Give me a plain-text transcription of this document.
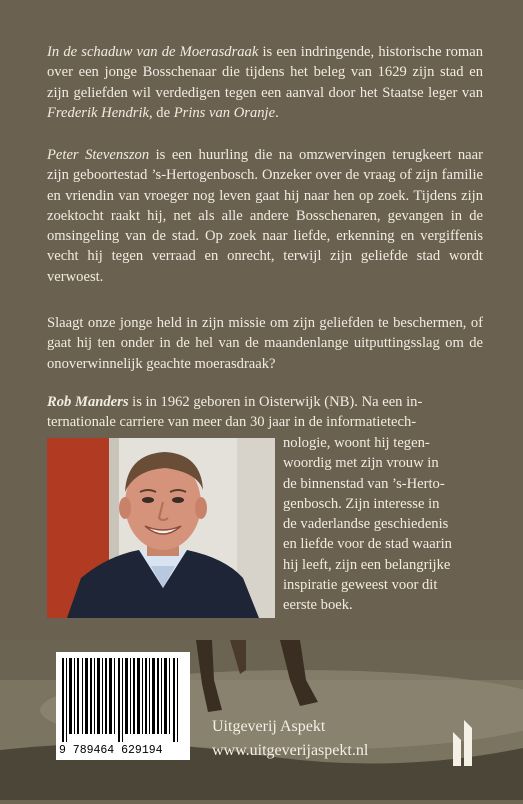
In de schaduw van de Moerasdraak is een indringende, historische roman over een jonge Bosschenaar die tijdens het beleg van 1629 zijn stad en zijn geliefden wil verdedigen tegen een aanval door het Staatse leger van Frederik Hendrik, de Prins van Oranje.

Peter Stevenszon is een huurling die na omzwervingen terugkeert naar zijn geboortestad ’s-Hertogenbosch. Onzeker over de vraag of zijn familie en vriendin van vroeger nog leven gaat hij naar hen op zoek. Tijdens zijn zoektocht raakt hij, net als alle andere Bosschenaren, gevangen in de omsingeling van de stad. Op zoek naar liefde, erkenning en vergiffenis vecht hij tegen verraad en onrecht, terwijl zijn geliefde stad wordt verwoest.

Slaagt onze jonge held in zijn missie om zijn geliefden te beschermen, of gaat hij ten onder in de hel van de maandenlange uitputtingsslag om de onoverwinnelijk geachte moerasdraak?

Rob Manders is in 1962 geboren in Oisterwijk (NB). Na een in-
ternationale carriere van meer dan 30 jaar in de informatietech-
nologie, woont hij tegen-
woordig met zijn vrouw in
de binnenstad van ’s-Herto-
genbosch. Zijn interesse in
de vaderlandse geschiedenis
en liefde voor de stad waarin
hij leeft, zijn een belangrijke
inspiratie geweest voor dit
eerste boek.
9 789464 629194
Uitgeverij Aspekt
www.uitgeverijaspekt.nl
